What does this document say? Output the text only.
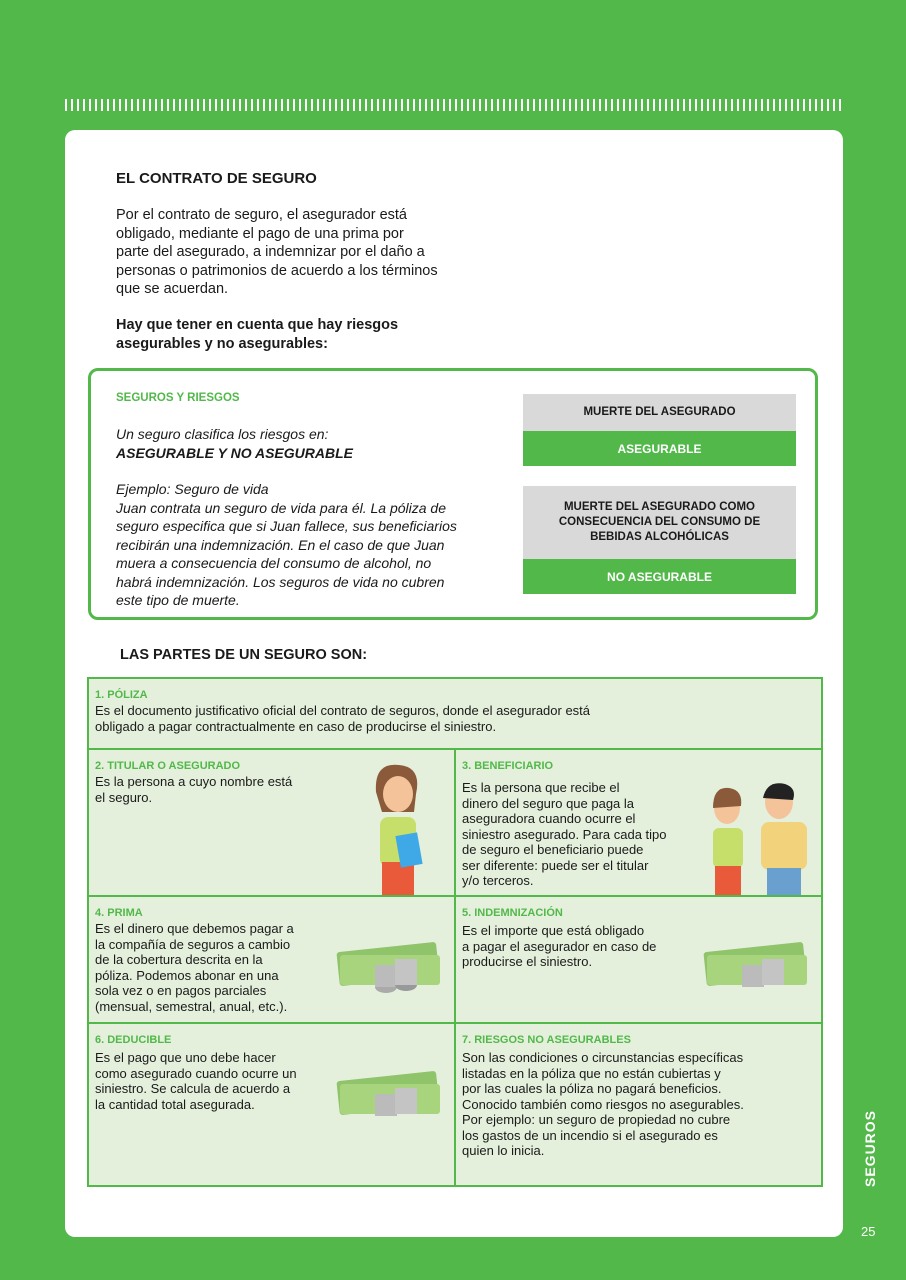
EL CONTRATO DE SEGURO
Por el contrato de seguro, el asegurador está
obligado, mediante el pago de una prima por
parte del asegurado, a indemnizar por el daño a
personas o patrimonios de acuerdo a los términos
que se acuerdan.
Hay que tener en cuenta que hay riesgos
asegurables y no asegurables:
SEGUROS Y RIESGOS
Un seguro clasifica los riesgos en:
ASEGURABLE Y NO ASEGURABLE
Ejemplo: Seguro de vida
Juan contrata un seguro de vida para él. La póliza de
seguro especifica que si Juan fallece, sus beneficiarios
recibirán una indemnización. En el caso de que Juan
muera a consecuencia del consumo de alcohol, no
habrá indemnización. Los seguros de vida no cubren
este tipo de muerte.
MUERTE DEL ASEGURADO
ASEGURABLE
MUERTE DEL ASEGURADO COMO
CONSECUENCIA DEL CONSUMO DE
BEBIDAS ALCOHÓLICAS
NO ASEGURABLE
LAS PARTES DE UN SEGURO SON:
1. PÓLIZA
Es el documento justificativo oficial del contrato de seguros, donde el asegurador está
obligado a pagar contractualmente en caso de producirse el siniestro.
2. TITULAR O ASEGURADO
Es la persona a cuyo nombre está
el seguro.
3. BENEFICIARIO
Es la persona que recibe el
dinero del seguro que paga la
aseguradora cuando ocurre el
siniestro asegurado. Para cada tipo
de seguro el beneficiario puede
ser diferente: puede ser el titular
y/o terceros.
4. PRIMA
Es el dinero que debemos pagar a
la compañía de seguros a cambio
de la cobertura descrita en la
póliza. Podemos abonar en una
sola vez o en pagos parciales
(mensual, semestral, anual, etc.).
5. INDEMNIZACIÓN
Es el importe que está obligado
a pagar el asegurador en caso de
producirse el siniestro.
6. DEDUCIBLE
Es el pago que uno debe hacer
como asegurado cuando ocurre un
siniestro. Se calcula de acuerdo a
la cantidad total asegurada.
7. RIESGOS NO ASEGURABLES
Son las condiciones o circunstancias específicas
listadas en la póliza que no están cubiertas y
por las cuales la póliza no pagará beneficios.
Conocido también como riesgos no asegurables.
Por ejemplo: un seguro de propiedad no cubre
los gastos de un incendio si el asegurado es
quien lo inicia.	SEGUROS
25
